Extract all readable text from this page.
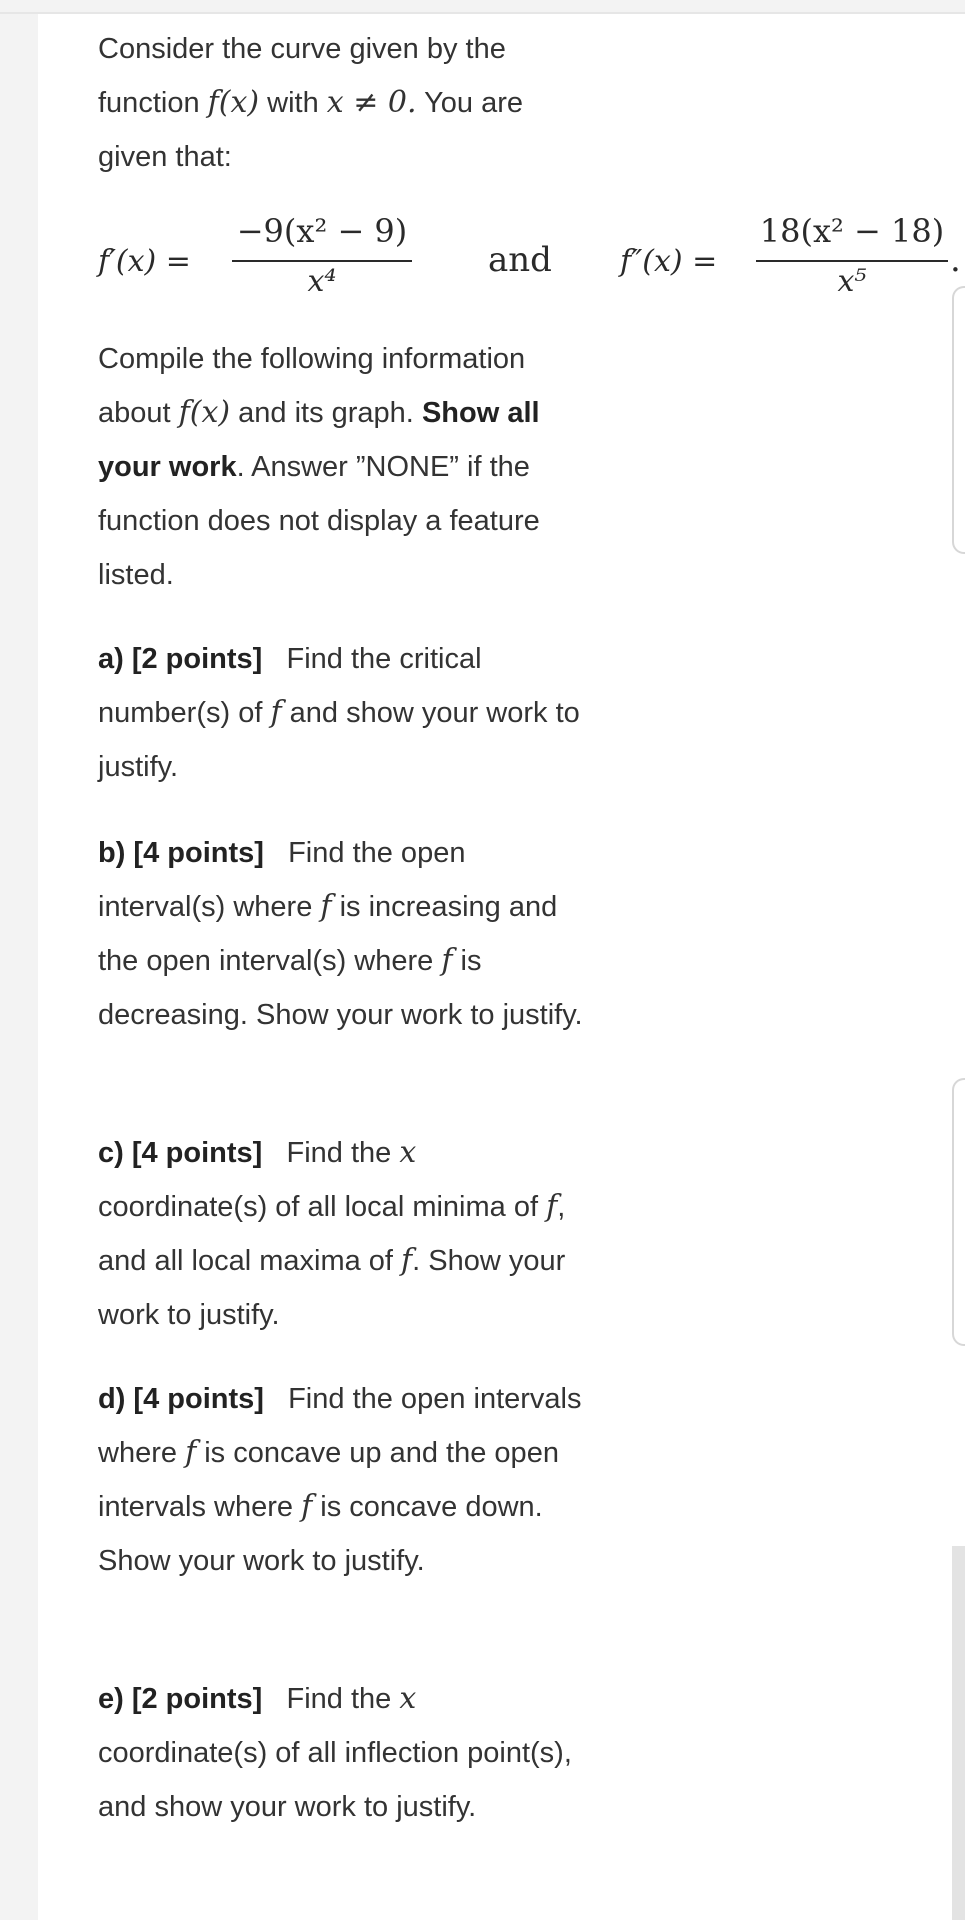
Consider the curve given by the
function f(x) with x ≠ 0. You are
given that:
f′(x) =
−9(x² − 9)
x⁴
and f″(x) =
18(x² − 18)
x⁵
.
Compile the following information about f(x) and its graph. Show all your work. Answer ”NONE” if the function does not display a feature listed.
a) [2 points] Find the critical number(s) of f and show your work to justify.
b) [4 points] Find the open interval(s) where f is increasing and the open interval(s) where f is decreasing. Show your work to justify.
c) [4 points] Find the x coordinate(s) of all local minima of f, and all local maxima of f. Show your work to justify.
d) [4 points] Find the open intervals where f is concave up and the open intervals where f is concave down. Show your work to justify.
e) [2 points] Find the x coordinate(s) of all inflection point(s), and show your work to justify.
